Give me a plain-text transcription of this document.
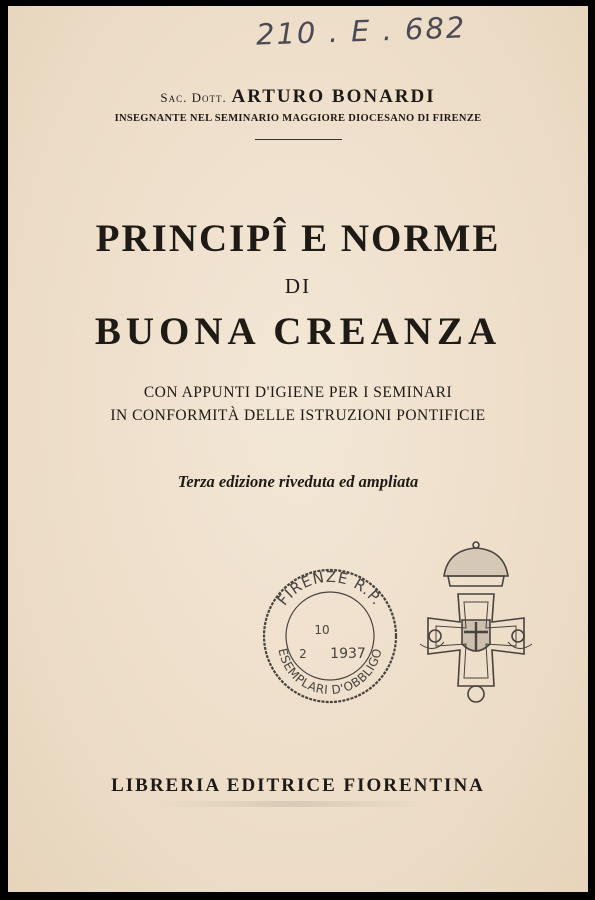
210 . E . 682
Sac. Dott. ARTURO BONARDI
INSEGNANTE NEL SEMINARIO MAGGIORE DIOCESANO DI FIRENZE
PRINCIPÎ E NORME
DI
BUONA CREANZA
CON APPUNTI D'IGIENE PER I SEMINARI
IN CONFORMITÀ DELLE ISTRUZIONI PONTIFICIE
Terza edizione riveduta ed ampliata
FIRENZE R.P.
ESEMPLARI D'OBBLIGO
10
2 1937
LIBRERIA EDITRICE FIORENTINA
